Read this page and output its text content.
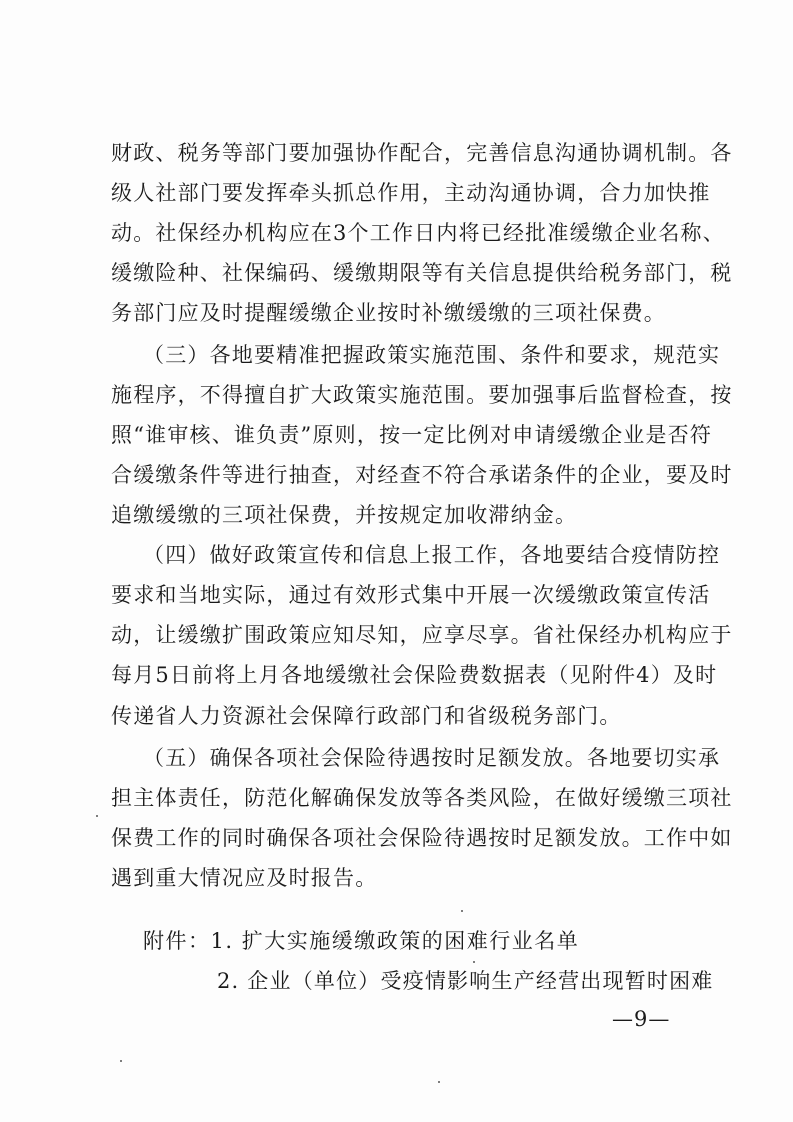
财政、税务等部门要加强协作配合，完善信息沟通协调机制。各
级人社部门要发挥牵头抓总作用，主动沟通协调，合力加快推
动。社保经办机构应在3个工作日内将已经批准缓缴企业名称、
缓缴险种、社保编码、缓缴期限等有关信息提供给税务部门，税
务部门应及时提醒缓缴企业按时补缴缓缴的三项社保费。
（三）各地要精准把握政策实施范围、条件和要求，规范实
施程序，不得擅自扩大政策实施范围。要加强事后监督检查，按
照“谁审核、谁负责”原则，按一定比例对申请缓缴企业是否符
合缓缴条件等进行抽查，对经查不符合承诺条件的企业，要及时
追缴缓缴的三项社保费，并按规定加收滞纳金。
（四）做好政策宣传和信息上报工作，各地要结合疫情防控
要求和当地实际，通过有效形式集中开展一次缓缴政策宣传活
动，让缓缴扩围政策应知尽知，应享尽享。省社保经办机构应于
每月5日前将上月各地缓缴社会保险费数据表（见附件4）及时
传递省人力资源社会保障行政部门和省级税务部门。
（五）确保各项社会保险待遇按时足额发放。各地要切实承
担主体责任，防范化解确保发放等各类风险，在做好缓缴三项社
保费工作的同时确保各项社会保险待遇按时足额发放。工作中如
遇到重大情况应及时报告。
附件：1. 扩大实施缓缴政策的困难行业名单
2. 企业（单位）受疫情影响生产经营出现暂时困难
—9—
